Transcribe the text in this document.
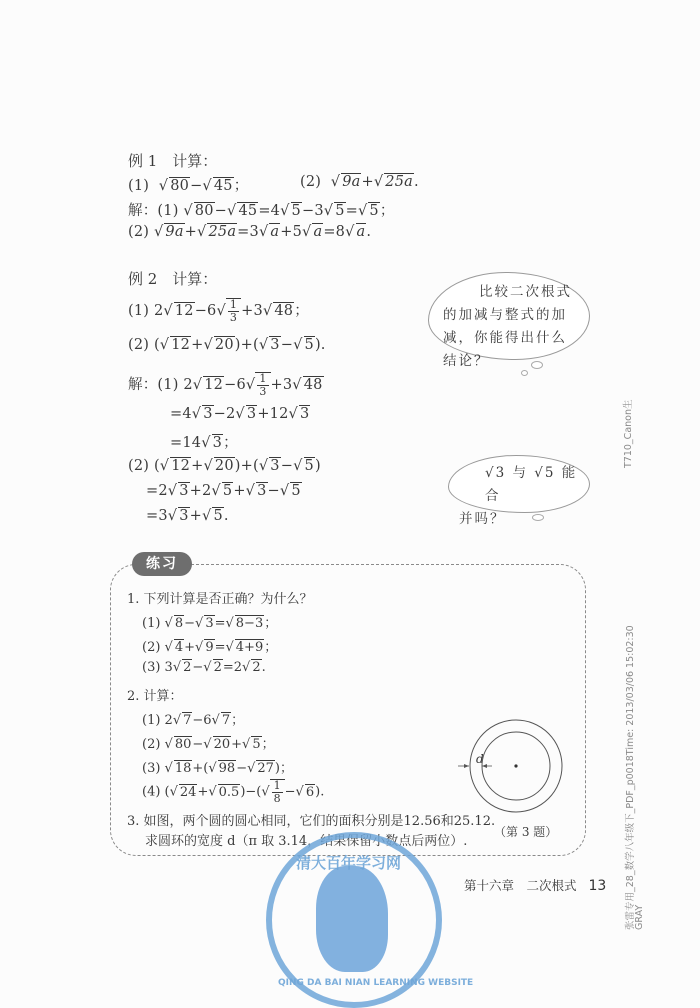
例 1　计算：
(1)  √ 80−√ 45；	(2)  √ 9a+√ 25a.
解：(1) √ 80−√ 45=4√ 5−3√ 5=√ 5；
(2) √ 9a+√ 25a=3√ a+5√ a=8√ a.
例 2　计算：
(1) 2√ $12-6√ \frac{1}{3} +3√$ 48；
(2) (√ 12+√ 20)+(√ 3−√ 5).
解：(1) 2√ $12-6√ \frac{1}{3} +3√$ 48
=4√ 3−2√ 3+12√ 3
=14√ 3；
(2) (√ 12+√ 20)+(√ 3−√ 5)
=2√ 3+2√ 5+√ 3−√ 5
=3√ 3+√ 5.
比较二次根式的加减与整式的加减，你能得出什么结论？
√3 与 √5 能合
并吗？
练习
1. 下列计算是否正确？为什么？
(1) √ 8−√ 3=√ 8−3；
(2) √ 4+√ 9=√ 4+9；
(3) 3√ 2−√ 2=2√ 2.
2. 计算：
(1) 2√ 7−6√ 7；
(2) √ 80−√ 20+√ 5；
(3) √ 18+(√ 98−√ 27)；
(4) (√ 24+√ $0.5)-(√ \frac{1}{8}$ −√ 6).
3. 如图，两个圆的圆心相同，它们的面积分别是12.56和25.12.
求圆环的宽度 d（π 取 3.14，结果保留小数点后两位）.
d
（第 3 题）
清大百年学习网
QING DA BAI NIAN LEARNING WEBSITE
第十六章　二次根式 13
T710_Canon生
张雷专用_28_数学八年级下_PDF_p0018Time: 2013/03/06 15:02:30
GRAY
